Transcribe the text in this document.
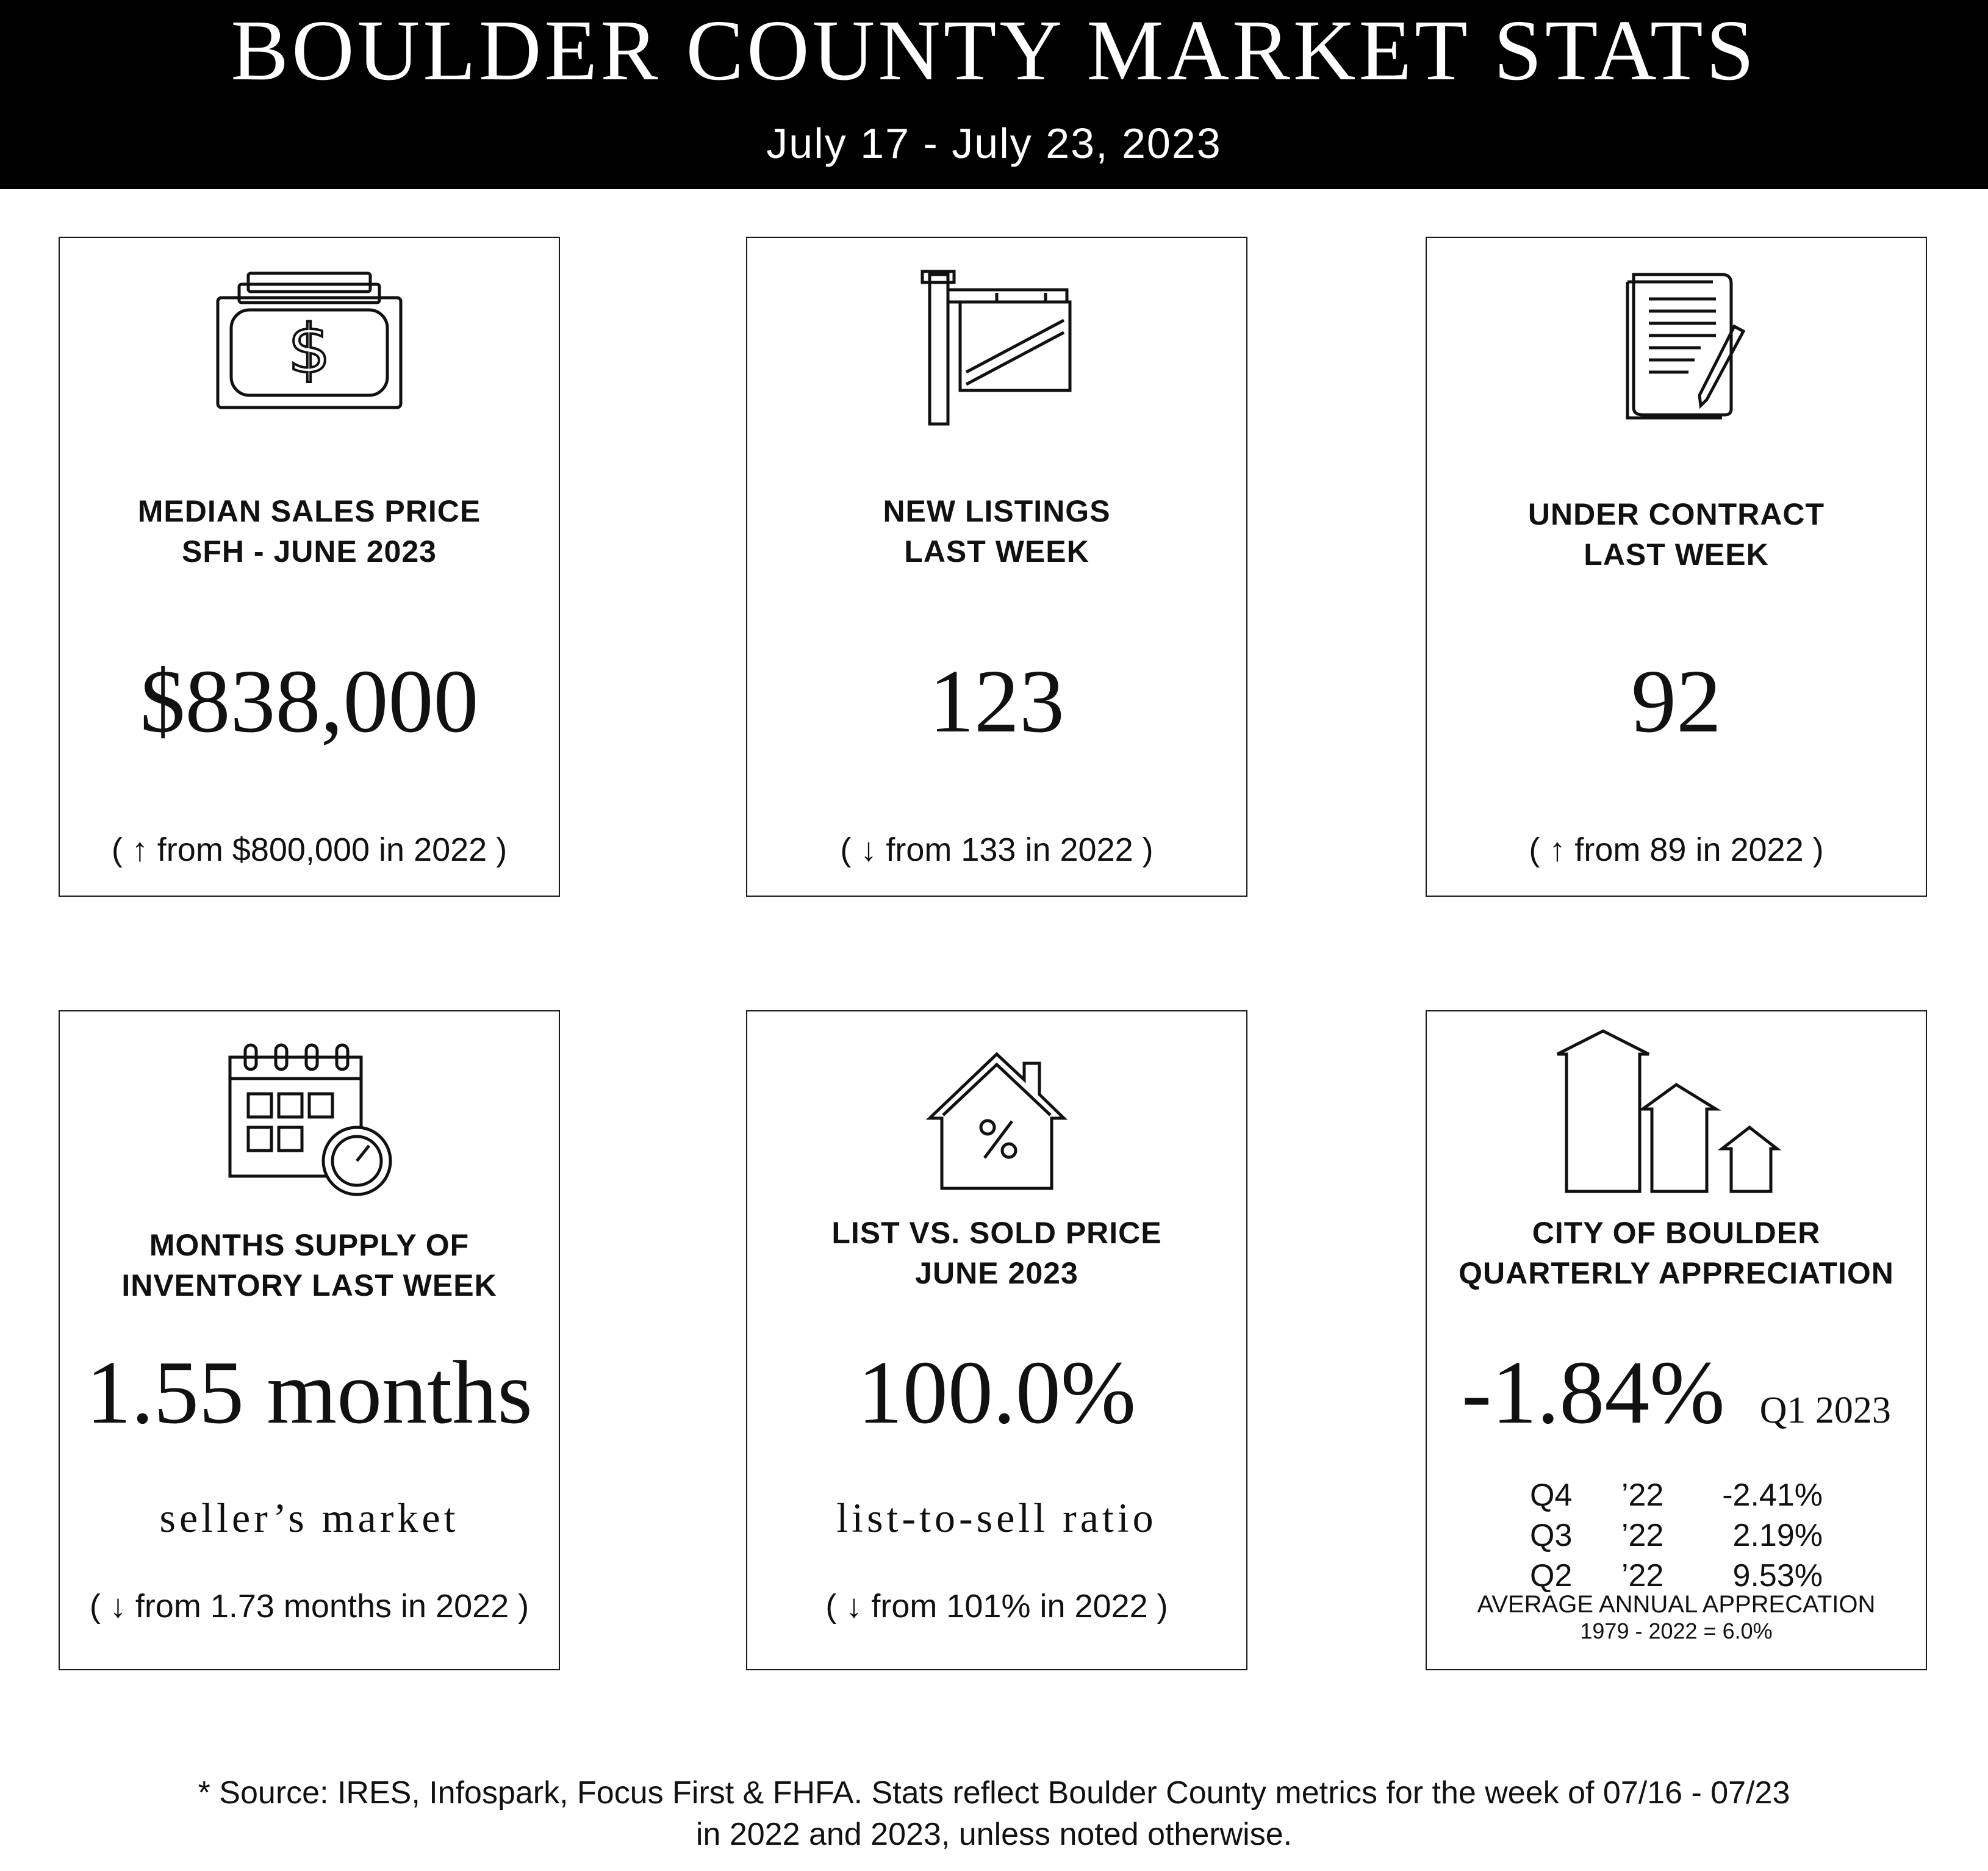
BOULDER COUNTY MARKET STATS
July 17 - July 23, 2023
$
MEDIAN SALES PRICE
SFH - JUNE 2023
$838,000
( ↑ from $800,000 in 2022 )
NEW LISTINGS
LAST WEEK
123
( ↓ from 133 in 2022 )
UNDER CONTRACT
LAST WEEK
92
( ↑ from 89 in 2022 )
MONTHS SUPPLY OF
INVENTORY LAST WEEK
1.55 months
seller’s market
( ↓ from 1.73 months in 2022 )
LIST VS. SOLD PRICE
JUNE 2023
100.0%
list-to-sell ratio
( ↓ from 101% in 2022 )
CITY OF BOULDER
QUARTERLY APPRECIATION
-1.84% Q1 2023
Q4	’22	-2.41%
Q3	’22	2.19%
Q2	’22	9.53%
AVERAGE ANNUAL APPRECATION
1979 - 2022 = 6.0%
* Source: IRES, Infospark, Focus First & FHFA. Stats reflect Boulder County metrics for the week of 07/16 - 07/23
in 2022 and 2023, unless noted otherwise.
